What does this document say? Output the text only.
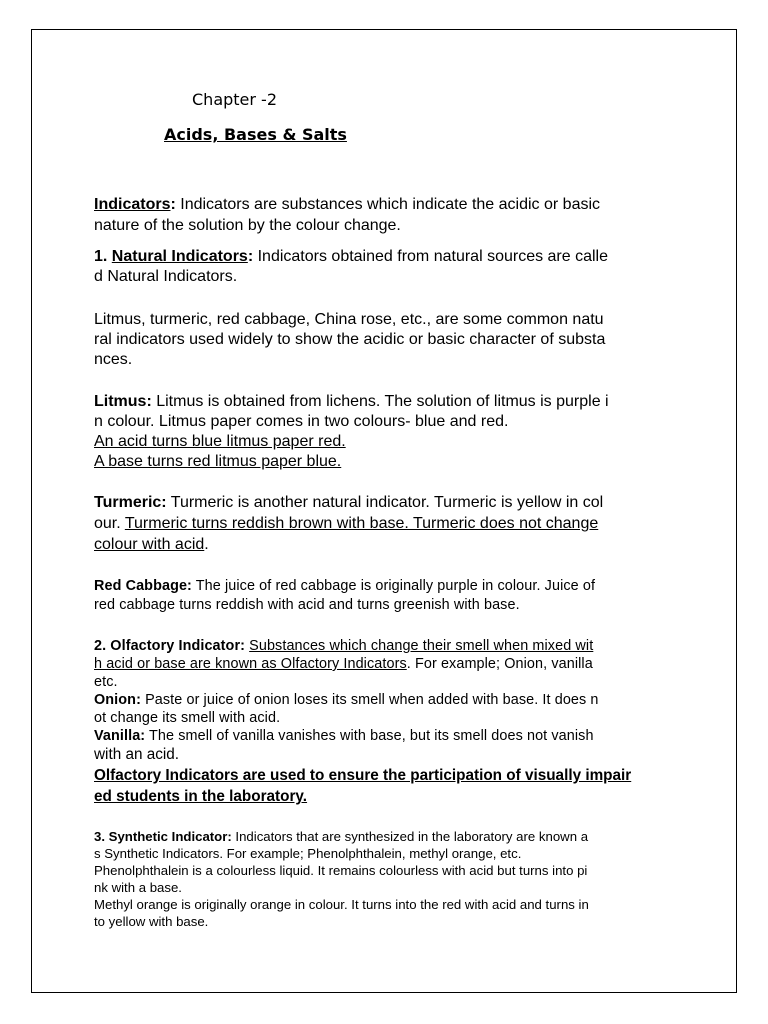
Chapter -2
Acids, Bases & Salts
Indicators: Indicators are substances which indicate the acidic or basic
nature of the solution by the colour change.
1. Natural Indicators: Indicators obtained from natural sources are calle
d Natural Indicators.
Litmus, turmeric, red cabbage, China rose, etc., are some common natu
ral indicators used widely to show the acidic or basic character of substa
nces.
Litmus: Litmus is obtained from lichens. The solution of litmus is purple i
n colour. Litmus paper comes in two colours- blue and red.
An acid turns blue litmus paper red.
A base turns red litmus paper blue.
Turmeric: Turmeric is another natural indicator. Turmeric is yellow in col
our. Turmeric turns reddish brown with base. Turmeric does not change
colour with acid.
Red Cabbage: The juice of red cabbage is originally purple in colour. Juice of
red cabbage turns reddish with acid and turns greenish with base.
2. Olfactory Indicator: Substances which change their smell when mixed wit
h acid or base are known as Olfactory Indicators. For example; Onion, vanilla
etc.
Onion: Paste or juice of onion loses its smell when added with base. It does n
ot change its smell with acid.
Vanilla: The smell of vanilla vanishes with base, but its smell does not vanish
with an acid.
Olfactory Indicators are used to ensure the participation of visually impair
ed students in the laboratory.
3. Synthetic Indicator: Indicators that are synthesized in the laboratory are known a
s Synthetic Indicators. For example; Phenolphthalein, methyl orange, etc.
Phenolphthalein is a colourless liquid. It remains colourless with acid but turns into pi
nk with a base.
Methyl orange is originally orange in colour. It turns into the red with acid and turns in
to yellow with base.
